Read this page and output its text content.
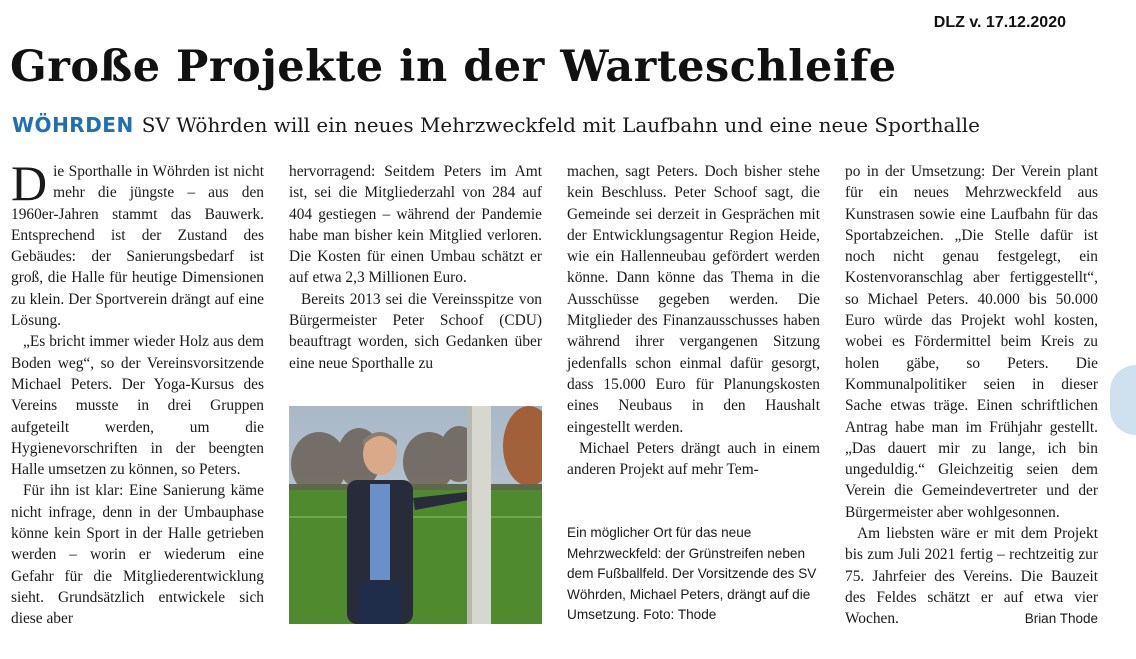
DLZ v. 17.12.2020
Große Projekte in der Warteschleife
WÖHRDEN SV Wöhrden will ein neues Mehrzweckfeld mit Laufbahn und eine neue Sporthalle

Die Sporthalle in Wöhrden ist nicht mehr die jüngste – aus den 1960er-Jahren stammt das Bauwerk. Entsprechend ist der Zustand des Gebäudes: der Sanierungsbedarf ist groß, die Halle für heutige Dimensionen zu klein. Der Sportverein drängt auf eine Lösung.

„Es bricht immer wieder Holz aus dem Boden weg“, so der Vereinsvorsitzende Michael Peters. Der Yoga-Kursus des Vereins musste in drei Gruppen aufgeteilt werden, um die Hygienevorschriften in der beengten Halle umsetzen zu können, so Peters.

Für ihn ist klar: Eine Sanierung käme nicht infrage, denn in der Umbauphase könne kein Sport in der Halle getrieben werden – worin er wiederum eine Gefahr für die Mitgliederentwicklung sieht. Grundsätzlich entwickele sich diese aber

hervorragend: Seitdem Peters im Amt ist, sei die Mitgliederzahl von 284 auf 404 gestiegen – während der Pandemie habe man bisher kein Mitglied verloren. Die Kosten für einen Umbau schätzt er auf etwa 2,3 Millionen Euro.

Bereits 2013 sei die Vereinsspitze von Bürgermeister Peter Schoof (CDU) beauftragt worden, sich Gedanken über eine neue Sporthalle zu

machen, sagt Peters. Doch bisher stehe kein Beschluss. Peter Schoof sagt, die Gemeinde sei derzeit in Gesprächen mit der Entwicklungsagentur Region Heide, wie ein Hallenneubau gefördert werden könne. Dann könne das Thema in die Ausschüsse gegeben werden. Die Mitglieder des Finanzausschusses haben während ihrer vergangenen Sitzung jedenfalls schon einmal dafür gesorgt, dass 15.000 Euro für Planungskosten eines Neubaus in den Haushalt eingestellt werden.

Michael Peters drängt auch in einem anderen Projekt auf mehr Tem-

Ein möglicher Ort für das neue Mehrzweckfeld: der Grünstreifen neben dem Fußballfeld. Der Vorsitzende des SV Wöhrden, Michael Peters, drängt auf die Umsetzung. Foto: Thode

po in der Umsetzung: Der Verein plant für ein neues Mehrzweckfeld aus Kunstrasen sowie eine Laufbahn für das Sportabzeichen. „Die Stelle dafür ist noch nicht genau festgelegt, ein Kostenvoranschlag aber fertiggestellt“, so Michael Peters. 40.000 bis 50.000 Euro würde das Projekt wohl kosten, wobei es Fördermittel beim Kreis zu holen gäbe, so Peters. Die Kommunalpolitiker seien in dieser Sache etwas träge. Einen schriftlichen Antrag habe man im Frühjahr gestellt. „Das dauert mir zu lange, ich bin ungeduldig.“ Gleichzeitig seien dem Verein die Gemeindevertreter und der Bürgermeister aber wohlgesonnen.

Am liebsten wäre er mit dem Projekt bis zum Juli 2021 fertig – rechtzeitig zur 75. Jahrfeier des Vereins. Die Bauzeit des Feldes schätzt er auf etwa vier Wochen.	Brian Thode
